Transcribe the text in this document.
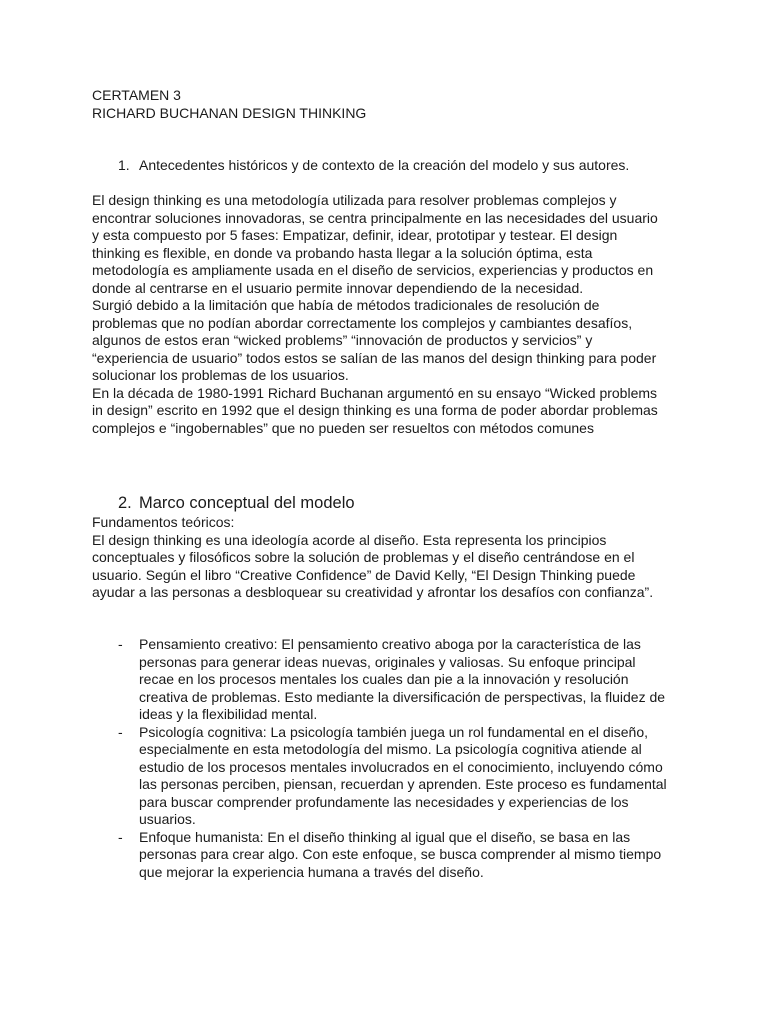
CERTAMEN 3
RICHARD BUCHANAN DESIGN THINKING
1. Antecedentes históricos y de contexto de la creación del modelo y sus autores.
El design thinking es una metodología utilizada para resolver problemas complejos y
encontrar soluciones innovadoras, se centra principalmente en las necesidades del usuario
y esta compuesto por 5 fases: Empatizar, definir, idear, prototipar y testear. El design
thinking es flexible, en donde va probando hasta llegar a la solución óptima, esta
metodología es ampliamente usada en el diseño de servicios, experiencias y productos en
donde al centrarse en el usuario permite innovar dependiendo de la necesidad.
Surgió debido a la limitación que había de métodos tradicionales de resolución de
problemas que no podían abordar correctamente los complejos y cambiantes desafíos,
algunos de estos eran “wicked problems” “innovación de productos y servicios” y
“experiencia de usuario” todos estos se salían de las manos del design thinking para poder
solucionar los problemas de los usuarios.
En la década de 1980-1991 Richard Buchanan argumentó en su ensayo “Wicked problems
in design” escrito en 1992 que el design thinking es una forma de poder abordar problemas
complejos e “ingobernables” que no pueden ser resueltos con métodos comunes
2. Marco conceptual del modelo
Fundamentos teóricos:
El design thinking es una ideología acorde al diseño. Esta representa los principios
conceptuales y filosóficos sobre la solución de problemas y el diseño centrándose en el
usuario. Según el libro “Creative Confidence” de David Kelly, “El Design Thinking puede
ayudar a las personas a desbloquear su creatividad y afrontar los desafíos con confianza”.
-	Pensamiento creativo: El pensamiento creativo aboga por la característica de las
personas para generar ideas nuevas, originales y valiosas. Su enfoque principal
recae en los procesos mentales los cuales dan pie a la innovación y resolución
creativa de problemas. Esto mediante la diversificación de perspectivas, la fluidez de
ideas y la flexibilidad mental.
-	Psicología cognitiva: La psicología también juega un rol fundamental en el diseño,
especialmente en esta metodología del mismo. La psicología cognitiva atiende al
estudio de los procesos mentales involucrados en el conocimiento, incluyendo cómo
las personas perciben, piensan, recuerdan y aprenden. Este proceso es fundamental
para buscar comprender profundamente las necesidades y experiencias de los
usuarios.
-	Enfoque humanista: En el diseño thinking al igual que el diseño, se basa en las
personas para crear algo. Con este enfoque, se busca comprender al mismo tiempo
que mejorar la experiencia humana a través del diseño.
